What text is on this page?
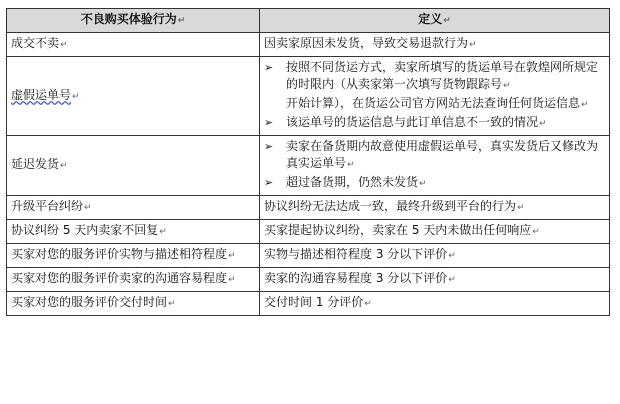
不良购买体验行为↵	定义↵
成交不卖↵	因卖家原因未发货，导致交易退款行为↵
虚假运单号↵	➢ 按照不同货运方式，卖家所填写的货运单号在敦煌网所规定的时限内（从卖家第一次填写货物跟踪号↵
开始计算），在货运公司官方网站无法查询任何货运信息↵
➢ 该运单号的货运信息与此订单信息不一致的情况↵

延迟发货↵	➢ 卖家在备货期内故意使用虚假运单号，真实发货后又修改为真实运单号↵
➢ 超过备货期，仍然未发货↵

升级平台纠纷↵	协议纠纷无法达成一致，最终升级到平台的行为↵
协议纠纷 5 天内卖家不回复↵	买家提起协议纠纷，卖家在 5 天内未做出任何响应↵
买家对您的服务评价实物与描述相符程度↵	实物与描述相符程度 3 分以下评价↵
买家对您的服务评价卖家的沟通容易程度↵	卖家的沟通容易程度 3 分以下评价↵
买家对您的服务评价交付时间↵	交付时间 1 分评价↵
